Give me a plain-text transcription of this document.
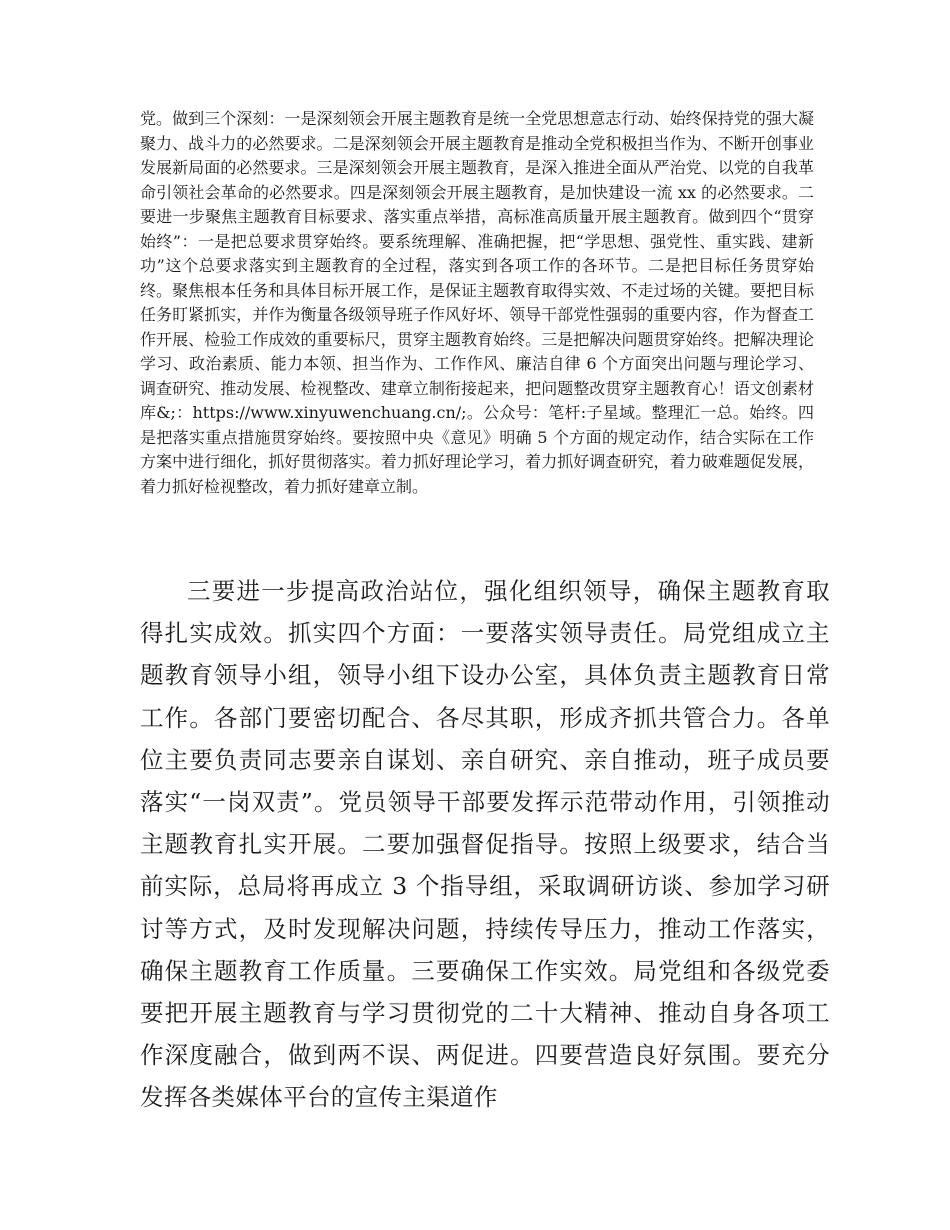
党。做到三个深刻：一是深刻领会开展主题教育是统一全党思想意志行动、始终保持党的强大凝聚力、战斗力的必然要求。二是深刻领会开展主题教育是推动全党积极担当作为、不断开创事业发展新局面的必然要求。三是深刻领会开展主题教育，是深入推进全面从严治党、以党的自我革命引领社会革命的必然要求。四是深刻领会开展主题教育，是加快建设一流 xx 的必然要求。二要进一步聚焦主题教育目标要求、落实重点举措，高标准高质量开展主题教育。做到四个“贯穿始终”：一是把总要求贯穿始终。要系统理解、准确把握，把“学思想、强党性、重实践、建新功”这个总要求落实到主题教育的全过程，落实到各项工作的各环节。二是把目标任务贯穿始终。聚焦根本任务和具体目标开展工作，是保证主题教育取得实效、不走过场的关键。要把目标任务盯紧抓实，并作为衡量各级领导班子作风好坏、领导干部党性强弱的重要内容，作为督查工作开展、检验工作成效的重要标尺，贯穿主题教育始终。三是把解决问题贯穿始终。把解决理论学习、政治素质、能力本领、担当作为、工作作风、廉洁自律 6 个方面突出问题与理论学习、调查研究、推动发展、检视整改、建章立制衔接起来，把问题整改贯穿主题教育心！语文创素材库&;：https://www.xinyuwenchuang.cn/;。公众号：笔杆:子星域。整理汇一总。始终。四是把落实重点措施贯穿始终。要按照中央《意见》明确 5 个方面的规定动作，结合实际在工作方案中进行细化，抓好贯彻落实。着力抓好理论学习，着力抓好调查研究，着力破难题促发展，着力抓好检视整改，着力抓好建章立制。

三要进一步提高政治站位，强化组织领导，确保主题教育取得扎实成效。抓实四个方面：一要落实领导责任。局党组成立主题教育领导小组，领导小组下设办公室，具体负责主题教育日常工作。各部门要密切配合、各尽其职，形成齐抓共管合力。各单位主要负责同志要亲自谋划、亲自研究、亲自推动，班子成员要落实“一岗双责”。党员领导干部要发挥示范带动作用，引领推动主题教育扎实开展。二要加强督促指导。按照上级要求，结合当前实际，总局将再成立 3 个指导组，采取调研访谈、参加学习研讨等方式，及时发现解决问题，持续传导压力，推动工作落实，确保主题教育工作质量。三要确保工作实效。局党组和各级党委要把开展主题教育与学习贯彻党的二十大精神、推动自身各项工作深度融合，做到两不误、两促进。四要营造良好氛围。要充分发挥各类媒体平台的宣传主渠道作
